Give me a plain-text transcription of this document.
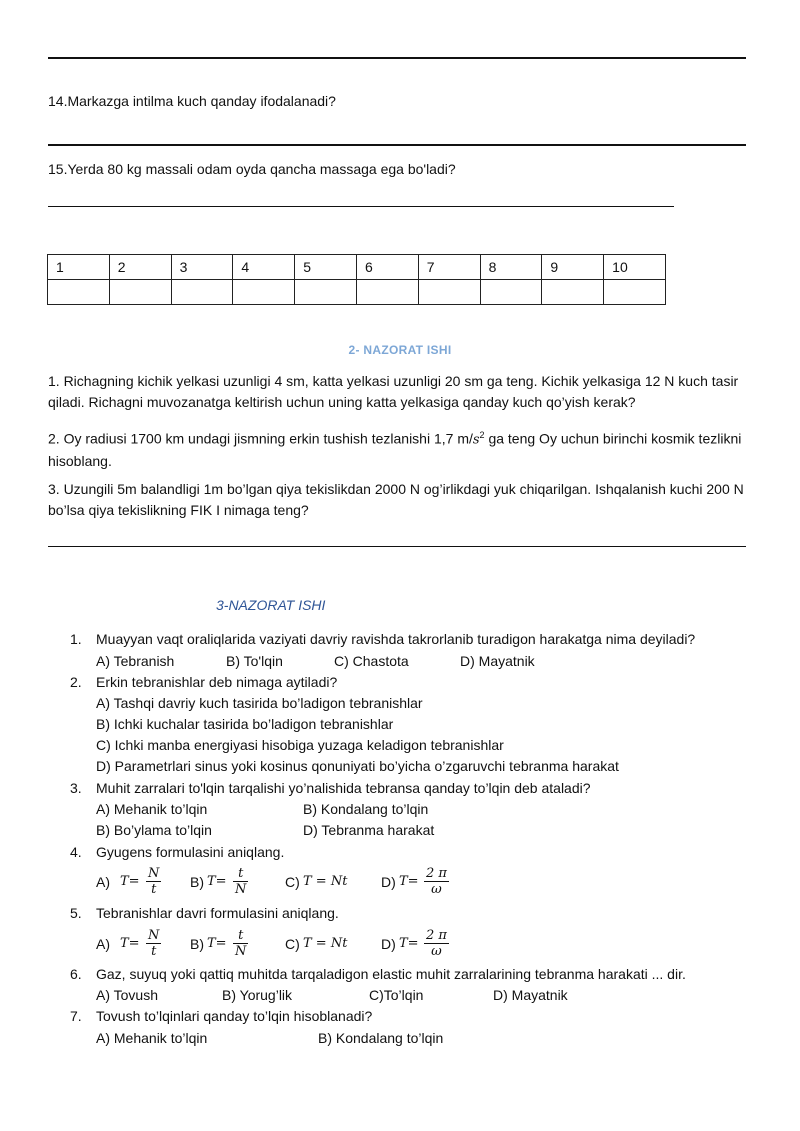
14.Markazga intilma kuch qanday ifodalanadi?
15.Yerda 80 kg massali odam oyda qancha massaga ega bo'ladi?
1	2	3	4	5	6	7	8	9	10

2- NAZORAT ISHI
1. Richagning kichik yelkasi uzunligi 4 sm, katta yelkasi uzunligi 20 sm ga teng. Kichik yelkasiga 12 N kuch tasir qiladi. Richagni muvozanatga keltirish uchun uning katta yelkasiga qanday kuch qo’yish kerak?
2. Oy radiusi 1700 km undagi jismning erkin tushish tezlanishi 1,7 $m/s^2$ ga teng Oy uchun birinchi kosmik tezlikni hisoblang.
3. Uzungili 5m balandligi 1m bo’lgan qiya tekislikdan 2000 N og’irlikdagi yuk chiqarilgan. Ishqalanish kuchi 200 N bo’lsa qiya tekislikning FIK I nimaga teng?
3-NAZORAT ISHI
1. Muayyan vaqt oraliqlarida vaziyati davriy ravishda takrorlanib turadigon harakatga nima deyiladi?
A) Tebranish	B) To'lqin	C) Chastota	D) Mayatnik
2. Erkin tebranishlar deb nimaga aytiladi?
A) Tashqi davriy kuch tasirida bo’ladigon tebranishlar
B) Ichki kuchalar tasirida bo’ladigon tebranishlar
C) Ichki manba energiyasi hisobiga yuzaga keladigon tebranishlar
D) Parametrlari sinus yoki kosinus qonuniyati bo’yicha o’zgaruvchi tebranma harakat
3. Muhit zarralari to'lqin tarqalishi yo’nalishida tebransa qanday to’lqin deb ataladi?
A) Mehanik to’lqin	B) Kondalang to’lqin
B) Bo’ylama to’lqin	D) Tebranma harakat
4. Gyugens formulasini aniqlang.
A) $T= \frac{N}{t} B$) $T= \frac{t}{N}$	C) T = Nt D) $T= \frac{2 \pi}{\omega}$
5. Tebranishlar davri formulasini aniqlang.
A) $T= \frac{N}{t} B$) $T= \frac{t}{N}$	C) T = Nt D) $T= \frac{2 \pi}{\omega}$
6. Gaz, suyuq yoki qattiq muhitda tarqaladigon elastic muhit zarralarining tebranma harakati ... dir.
A) Tovush	B) Yorug’lik	C)To’lqin	D) Mayatnik
7. Tovush to’lqinlari qanday to’lqin hisoblanadi?
A) Mehanik to’lqin	B) Kondalang to’lqin
